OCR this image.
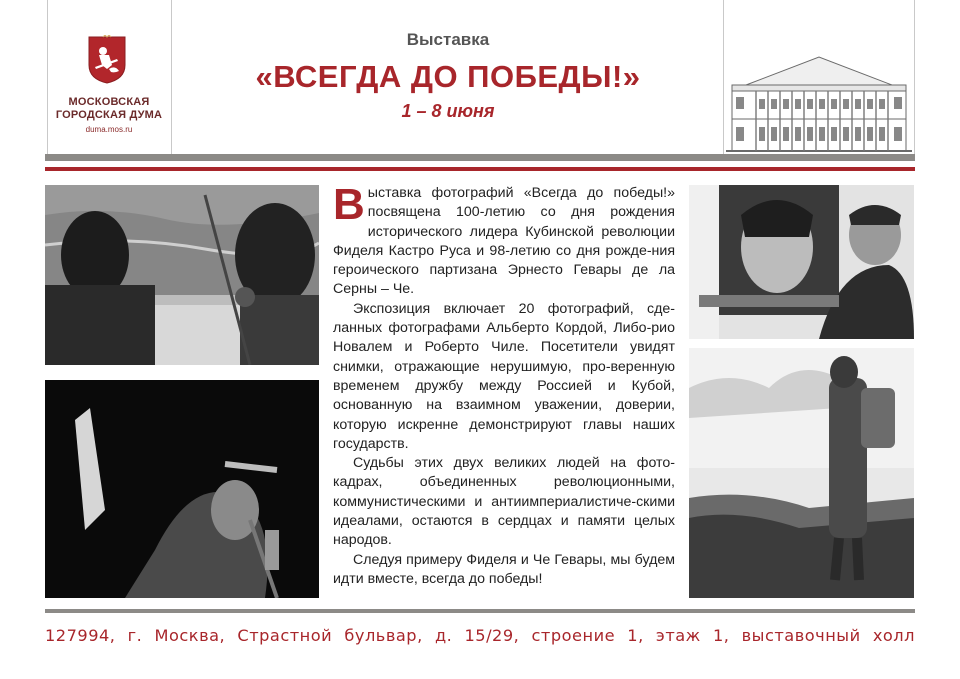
МОСКОВСКАЯ
ГОРОДСКАЯ ДУМА
duma.mos.ru
Выставка
«ВСЕГДА ДО ПОБЕДЫ!»
1 – 8 июня

Выставка фотографий «Всегда до победы!» посвящена 100-летию со дня рождения исторического лидера Кубинской революции Фиделя Кастро Руса и 98-летию со дня рожде-ния героического партизана Эрнесто Гевары де ла Серны – Че.

Экспозиция включает 20 фотографий, сде-ланных фотографами Альберто Кордой, Либо-рио Новалем и Роберто Чиле. Посетители увидят снимки, отражающие нерушимую, про-веренную временем дружбу между Россией и Кубой, основанную на взаимном уважении, доверии, которую искренне демонстрируют главы наших государств.

Судьбы этих двух великих людей на фото-кадрах, объединенных революционными, коммунистическими и антиимпериалистиче-скими идеалами, остаются в сердцах и памяти целых народов.

Следуя примеру Фиделя и Че Гевары, мы будем идти вместе, всегда до победы!

127994, г. Москва, Страстной бульвар, д. 15/29, строение 1, этаж 1, выставочный холл
